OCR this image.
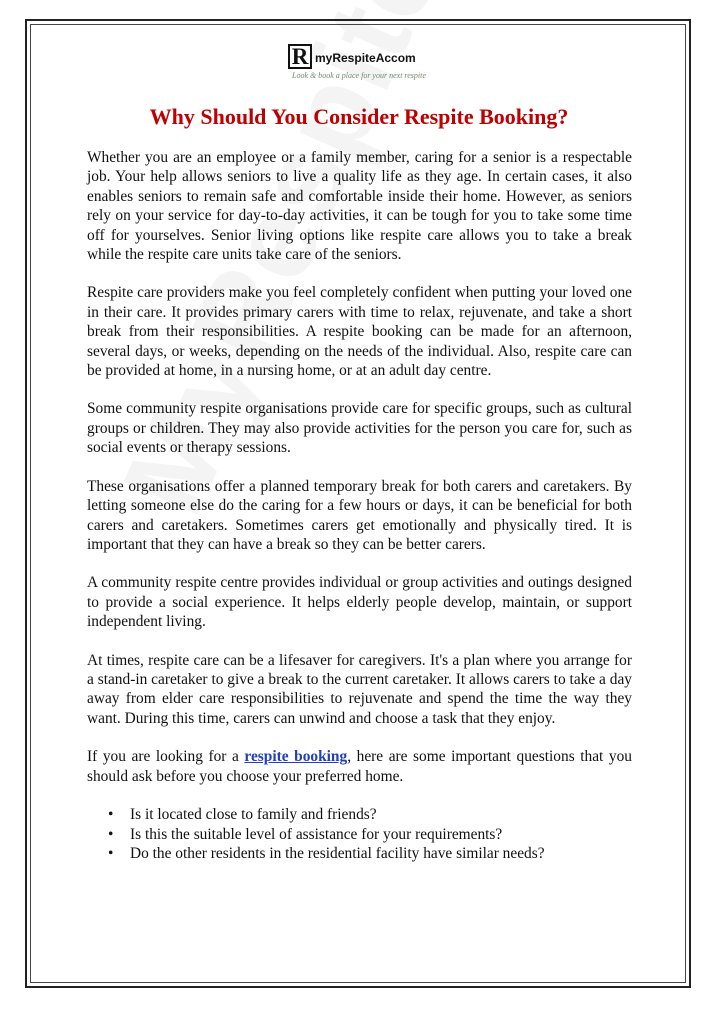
R myRespiteAccom
Look & book a place for your next respite
Why Should You Consider Respite Booking?

Whether you are an employee or a family member, caring for a senior is a respectable job. Your help allows seniors to live a quality life as they age. In certain cases, it also enables seniors to remain safe and comfortable inside their home. However, as seniors rely on your service for day-to-day activities, it can be tough for you to take some time off for yourselves. Senior living options like respite care allows you to take a break while the respite care units take care of the seniors.

Respite care providers make you feel completely confident when putting your loved one in their care. It provides primary carers with time to relax, rejuvenate, and take a short break from their responsibilities. A respite booking can be made for an afternoon, several days, or weeks, depending on the needs of the individual. Also, respite care can be provided at home, in a nursing home, or at an adult day centre.

Some community respite organisations provide care for specific groups, such as cultural groups or children. They may also provide activities for the person you care for, such as social events or therapy sessions.

These organisations offer a planned temporary break for both carers and caretakers. By letting someone else do the caring for a few hours or days, it can be beneficial for both carers and caretakers. Sometimes carers get emotionally and physically tired. It is important that they can have a break so they can be better carers.

A community respite centre provides individual or group activities and outings designed to provide a social experience. It helps elderly people develop, maintain, or support independent living.

At times, respite care can be a lifesaver for caregivers. It's a plan where you arrange for a stand-in caretaker to give a break to the current caretaker. It allows carers to take a day away from elder care responsibilities to rejuvenate and spend the time the way they want. During this time, carers can unwind and choose a task that they enjoy.

If you are looking for a respite booking, here are some important questions that you should ask before you choose your preferred home.

• Is it located close to family and friends?
• Is this the suitable level of assistance for your requirements?
• Do the other residents in the residential facility have similar needs?
